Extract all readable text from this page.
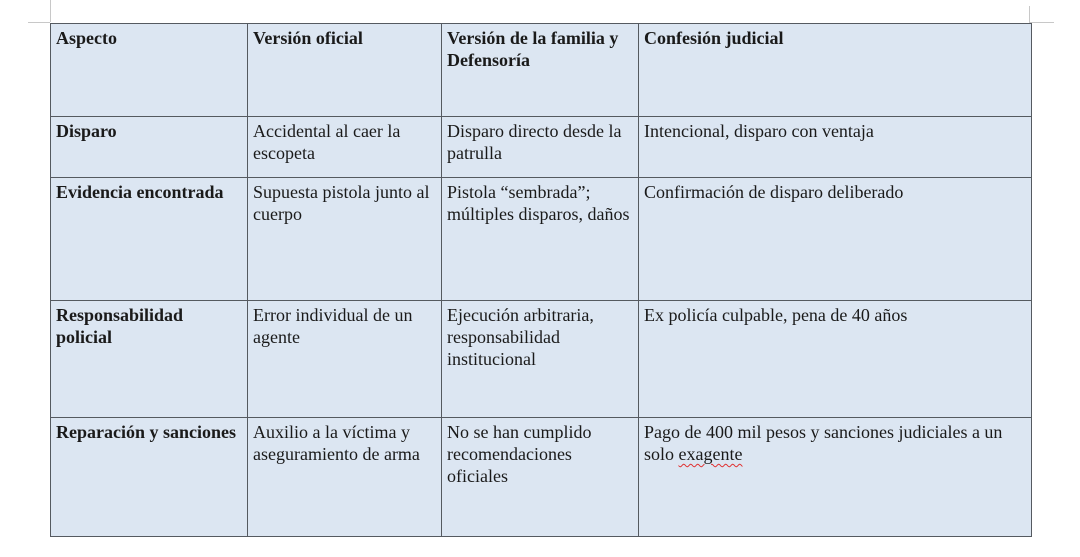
Aspecto	Versión oficial	Versión de la familia y Defensoría	Confesión judicial
Disparo	Accidental al caer la escopeta	Disparo directo desde la patrulla	Intencional, disparo con ventaja
Evidencia encontrada	Supuesta pistola junto al cuerpo	Pistola “sembrada”; múltiples disparos, daños	Confirmación de disparo deliberado
Responsabilidad policial	Error individual de un agente	Ejecución arbitraria, responsabilidad institucional	Ex policía culpable, pena de 40 años
Reparación y sanciones	Auxilio a la víctima y aseguramiento de arma	No se han cumplido recomendaciones oficiales	Pago de 400 mil pesos y sanciones judiciales a un solo exagente
